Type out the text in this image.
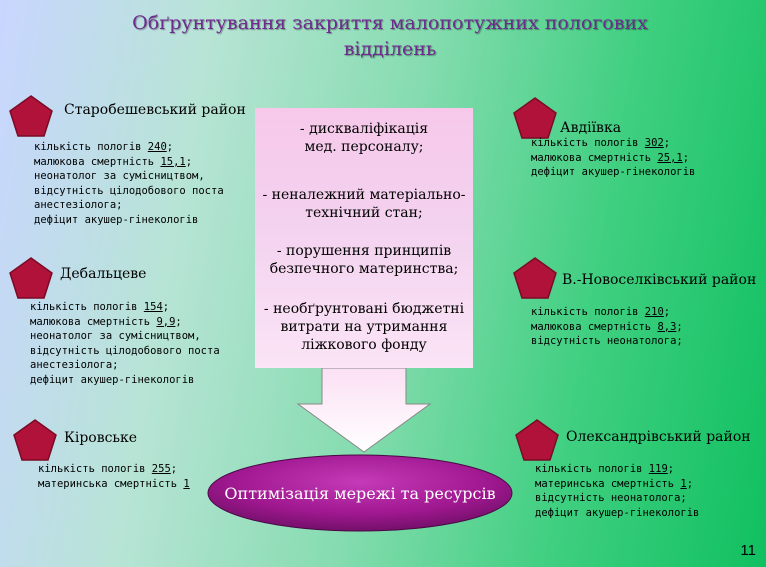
Обґрунтування закриття малопотужних пологових
відділень
Старобешевський район
Дебальцеве
Кіровське
Авдіївка
В.-Новоселківський район
Олександрівський район
кількість пологів 240;
малюкова смертність 15,1;
неонатолог за сумісництвом,
відсутність цілодобового поста
анестезіолога;
дефіцит акушер-гінекологів
кількість пологів 154;
малюкова смертність 9,9;
неонатолог за сумісництвом,
відсутність цілодобового поста
анестезіолога;
дефіцит акушер-гінекологів
кількість пологів 255;
материнська смертність 1
кількість пологів 302;
малюкова смертність 25,1;
дефіцит акушер-гінекологів
кількість пологів 210;
малюкова смертність 8,3;
відсутність неонатолога;
кількість пологів 119;
материнська смертність 1;
відсутність неонатолога;
дефіцит акушер-гінекологів
- дискваліфікація
мед. персоналу;
- неналежний матеріально-
технічний стан;
- порушення принципів
безпечного материнства;
- необґрунтовані бюджетні
витрати на утримання
ліжкового фонду
Оптимізація мережі та ресурсів
11
